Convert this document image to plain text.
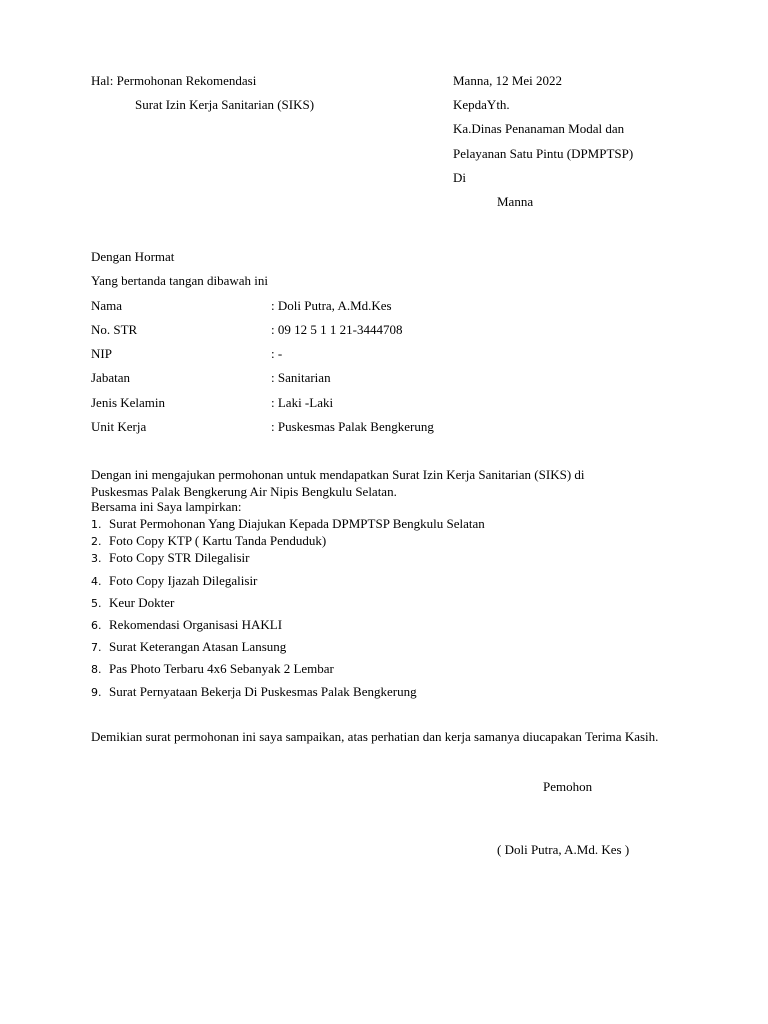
Hal: Permohonan Rekomendasi
Surat Izin Kerja Sanitarian (SIKS)
Manna, 12 Mei 2022
KepdaYth.
Ka.Dinas Penanaman Modal dan
Pelayanan Satu Pintu (DPMPTSP)
Di
Manna
Dengan Hormat
Yang bertanda tangan dibawah ini
Nama	: Doli Putra, A.Md.Kes
No. STR	: 09 12 5 1 1 21-3444708
NIP	: -
Jabatan	: Sanitarian
Jenis Kelamin	: Laki -Laki
Unit Kerja	: Puskesmas Palak Bengkerung
Dengan ini mengajukan permohonan untuk mendapatkan Surat Izin Kerja Sanitarian (SIKS) di
Puskesmas Palak Bengkerung Air Nipis Bengkulu Selatan.
Bersama ini Saya lampirkan:
1. Surat Permohonan Yang Diajukan Kepada DPMPTSP Bengkulu Selatan
2. Foto Copy KTP ( Kartu Tanda Penduduk)
3. Foto Copy STR Dilegalisir
4. Foto Copy Ijazah Dilegalisir
5. Keur Dokter
6. Rekomendasi Organisasi HAKLI
7. Surat Keterangan Atasan Lansung
8. Pas Photo Terbaru 4x6 Sebanyak 2 Lembar
9. Surat Pernyataan Bekerja Di Puskesmas Palak Bengkerung
Demikian surat permohonan ini saya sampaikan, atas perhatian dan kerja samanya diucapakan Terima Kasih.
Pemohon
( Doli Putra, A.Md. Kes )
